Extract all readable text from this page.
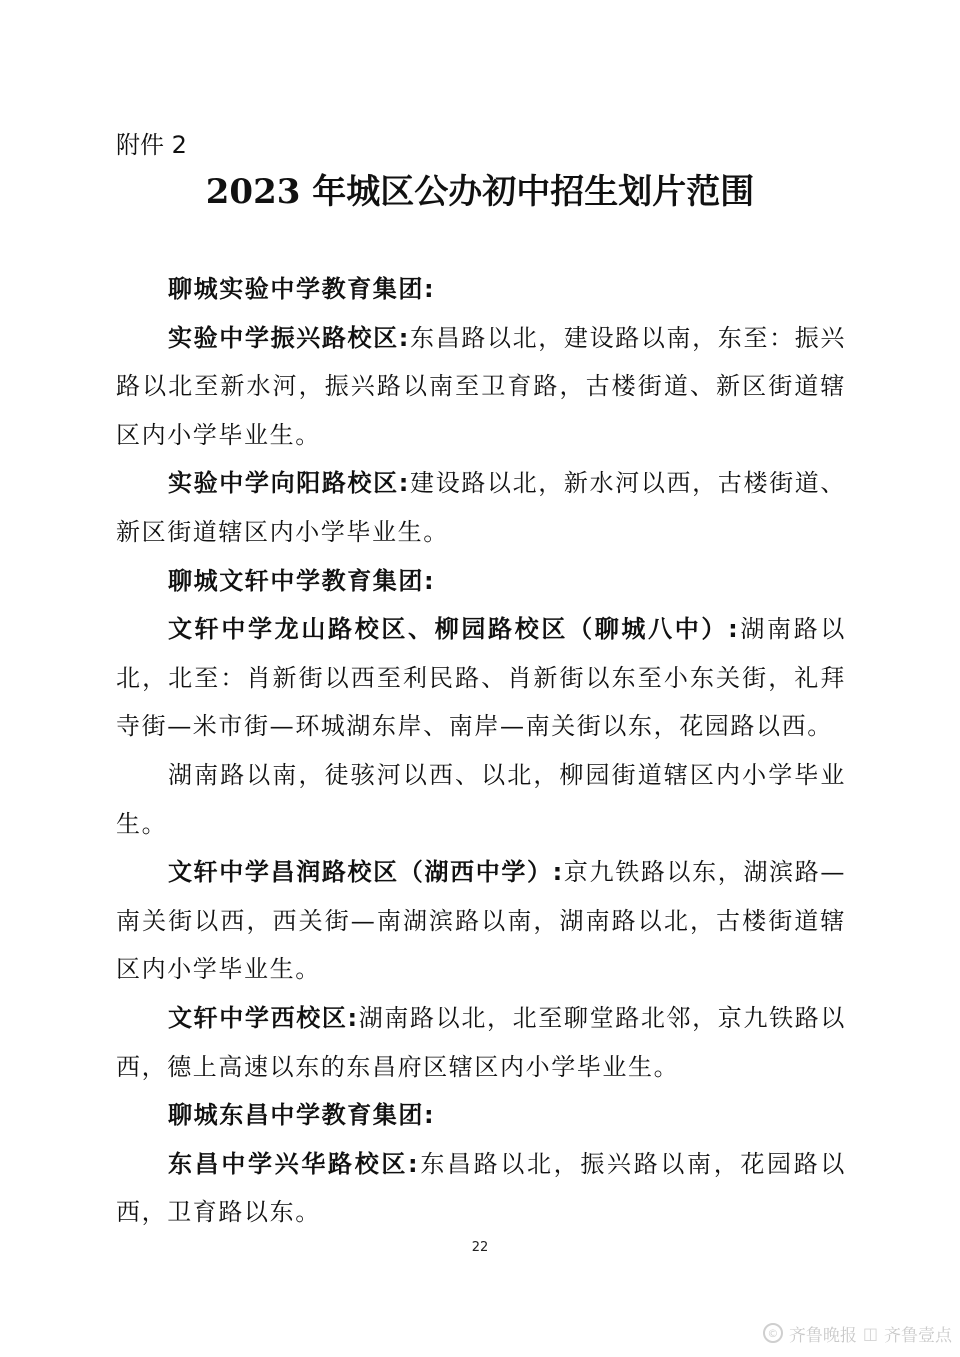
附件 2
2023 年城区公办初中招生划片范围

聊城实验中学教育集团:

实验中学振兴路校区:东昌路以北，建设路以南，东至：振兴路以北至新水河，振兴路以南至卫育路，古楼街道、新区街道辖区内小学毕业生。

实验中学向阳路校区:建设路以北，新水河以西，古楼街道、新区街道辖区内小学毕业生。

聊城文轩中学教育集团:

文轩中学龙山路校区、柳园路校区（聊城八中）:湖南路以北，北至：肖新街以西至利民路、肖新街以东至小东关街，礼拜寺街—米市街—环城湖东岸、南岸—南关街以东，花园路以西。

湖南路以南，徒骇河以西、以北，柳园街道辖区内小学毕业生。

文轩中学昌润路校区（湖西中学）:京九铁路以东，湖滨路—南关街以西，西关街—南湖滨路以南，湖南路以北，古楼街道辖区内小学毕业生。

文轩中学西校区:湖南路以北，北至聊堂路北邻，京九铁路以西，德上高速以东的东昌府区辖区内小学毕业生。

聊城东昌中学教育集团:

东昌中学兴华路校区:东昌路以北，振兴路以南，花园路以西，卫育路以东。

22
© 齐鲁晚报 ◫ 齐鲁壹点
